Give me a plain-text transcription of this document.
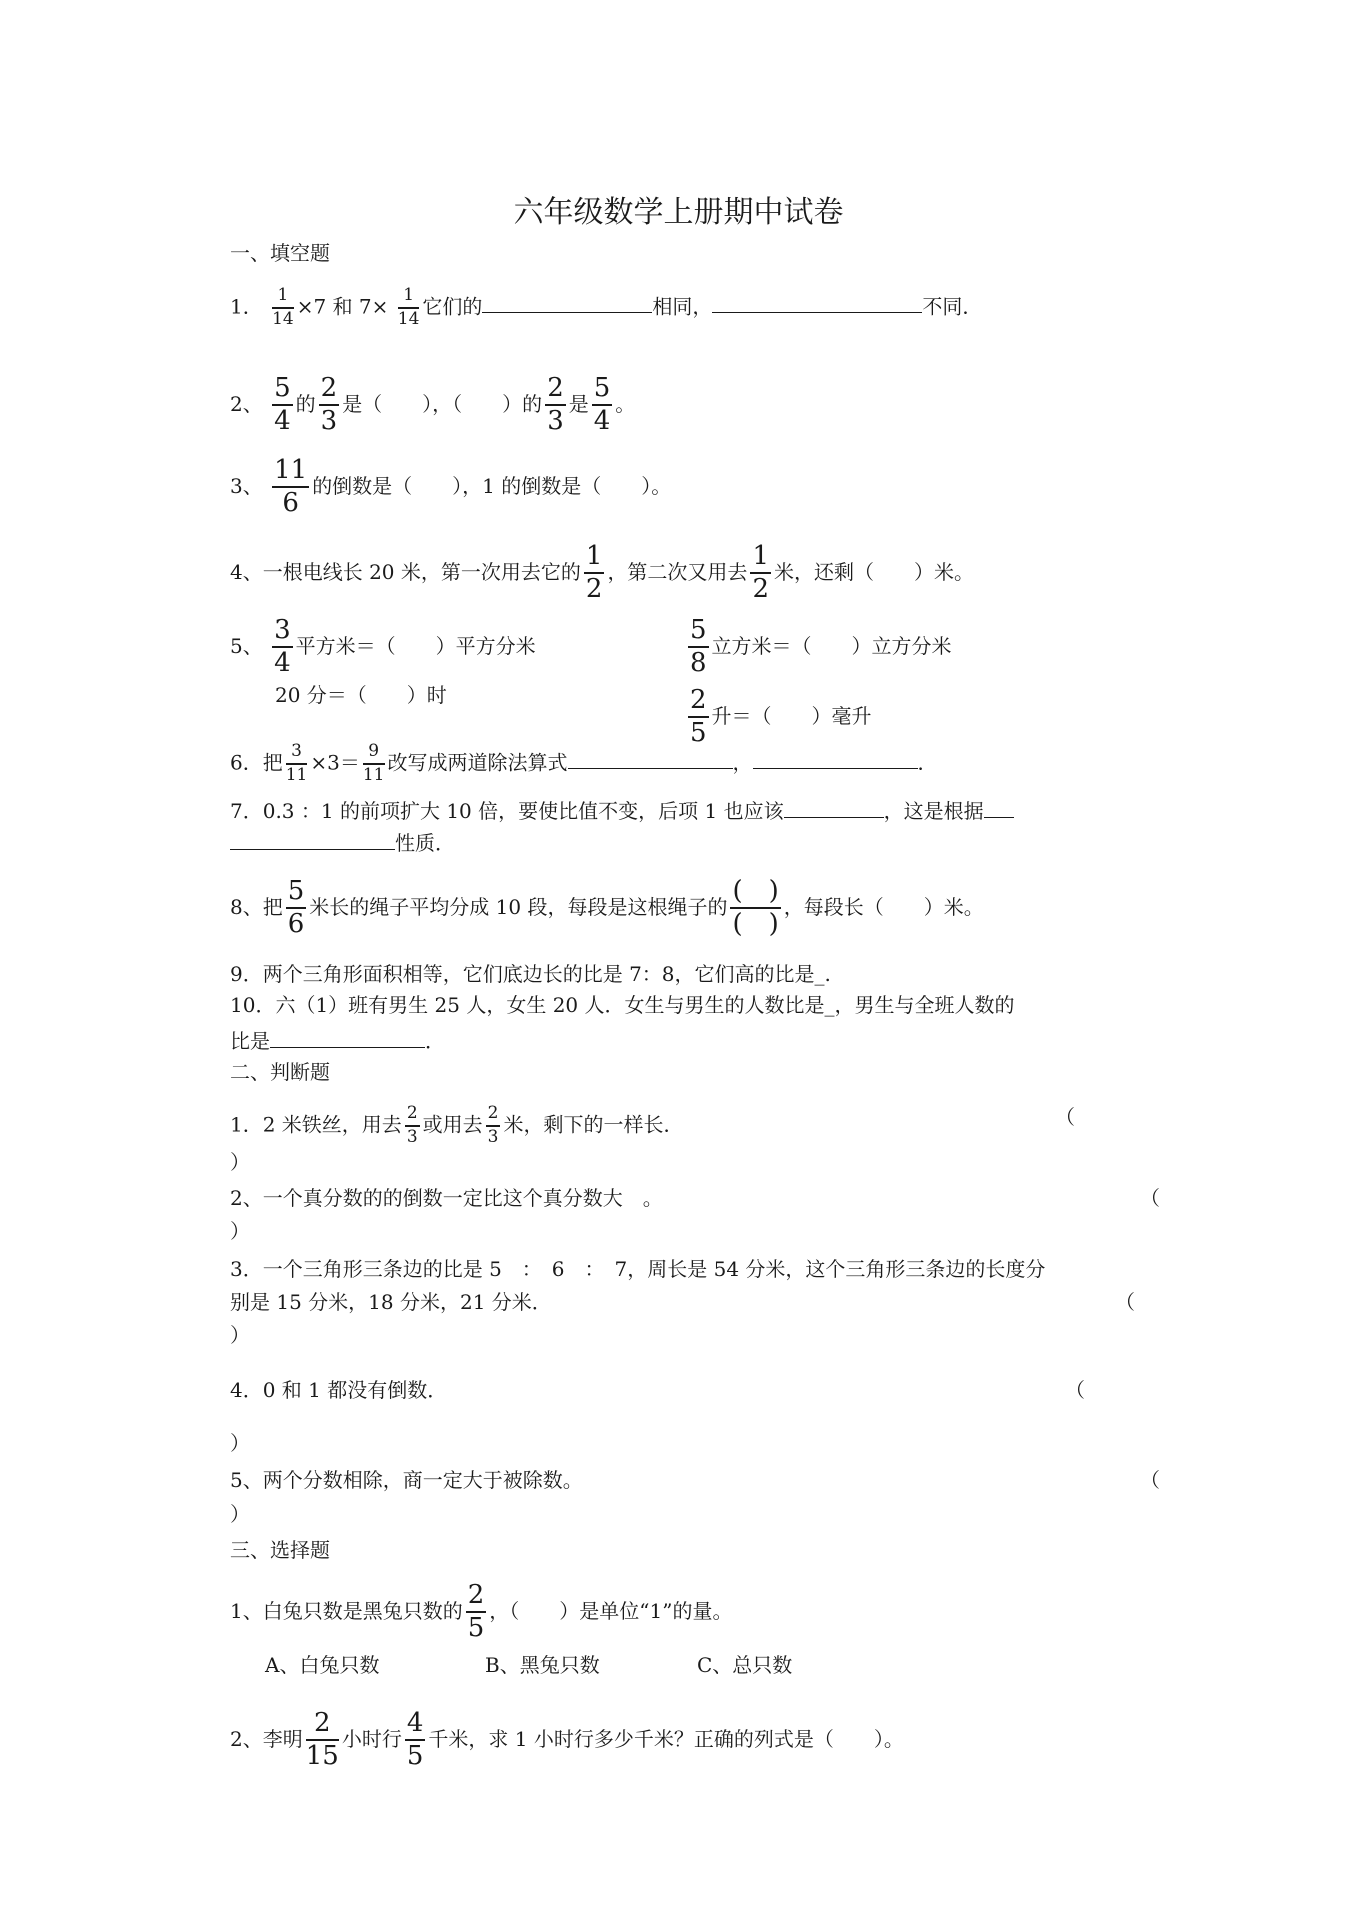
六年级数学上册期中试卷
一、填空题
1． $\frac{1}{14} \times 7$ 和 $7\times \frac{1}{14}$ 它们的	相同，	不同．
2、 $\frac{5}{4}$ 的 $\frac{2}{3}$ 是（　　），（　　）的 $\frac{2}{3}$ 是 $\frac{5}{4}$ 。
3、 $\frac{11}{6}$ 的倒数是（　　），1 的倒数是（　　）。
4、一根电线长 20 米，第一次用去它的 $\frac{1}{2}$ ，第二次又用去 $\frac{1}{2}$ 米，还剩（　　）米。
5、 $\frac{3}{4}$ 平方米＝（　　）平方分米	$\frac{5}{8}$ 立方米＝（　　）立方分米
20 分＝（　　）时	$\frac{2}{5}$ 升＝（　　）毫升
6．把 $\frac{3}{11} \times 3= \frac{9}{11}$ 改写成两道除法算式	，	．
7．0.3 ：1 的前项扩大 10 倍，要使比值不变，后项 1 也应该	，这是根据
性质．
8、把 $\frac{5}{6}$ 米长的绳子平均分成 10 段，每段是这根绳子的 $\frac{( )}{( )}$ ，每段长（　　）米。
9．两个三角形面积相等，它们底边长的比是 7：8，它们高的比是_.
10．六（1）班有男生 25 人，女生 20 人．女生与男生的人数比是_，男生与全班人数的
比是	．
二、判断题
1．2 米铁丝，用去 $\frac{2}{3}$ 或用去 $\frac{2}{3}$ 米，剩下的一样长．	（
）
2、一个真分数的的倒数一定比这个真分数大　。	（
）
3．一个三角形三条边的比是 5　：　6　：　7，周长是 54 分米，这个三角形三条边的长度分
别是 15 分米，18 分米，21 分米．	（
）
4．0 和 1 都没有倒数．	（
）
5、两个分数相除，商一定大于被除数。	（
）
三、选择题
1、白兔只数是黑兔只数的 $\frac{2}{5}$ ，（　　）是单位“1”的量。
A、白兔只数	B、黑兔只数	C、总只数
2、李明 $\frac{2}{15}$ 小时行 $\frac{4}{5}$ 千米，求 1 小时行多少千米？正确的列式是（　　）。
